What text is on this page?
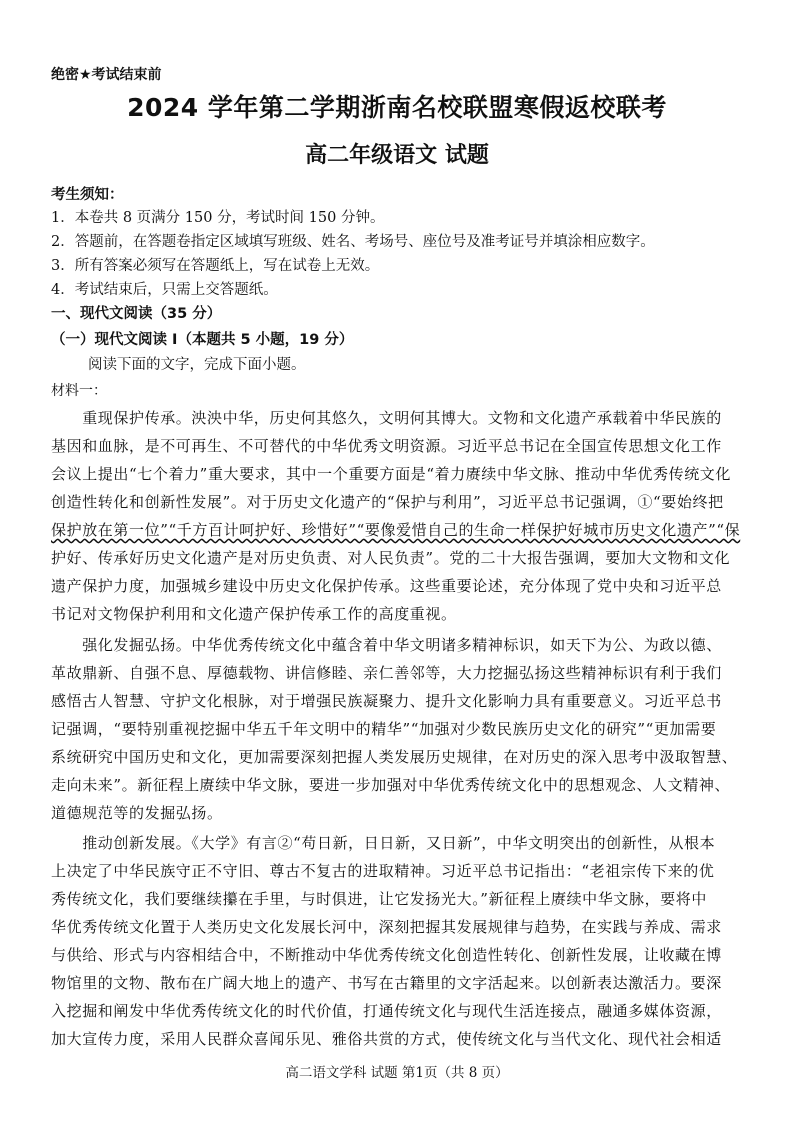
绝密★考试结束前
2024 学年第二学期浙南名校联盟寒假返校联考
高二年级语文 试题
考生须知：
1．本卷共 8 页满分 150 分，考试时间 150 分钟。
2．答题前，在答题卷指定区域填写班级、姓名、考场号、座位号及准考证号并填涂相应数字。
3．所有答案必须写在答题纸上，写在试卷上无效。
4．考试结束后，只需上交答题纸。
一、现代文阅读（35 分）
（一）现代文阅读 I（本题共 5 小题，19 分）
阅读下面的文字，完成下面小题。
材料一：
　　重现保护传承。泱泱中华，历史何其悠久，文明何其博大。文物和文化遗产承载着中华民族的
基因和血脉，是不可再生、不可替代的中华优秀文明资源。习近平总书记在全国宣传思想文化工作
会议上提出“七个着力”重大要求，其中一个重要方面是“着力赓续中华文脉、推动中华优秀传统文化
创造性转化和创新性发展”。对于历史文化遗产的“保护与利用”，习近平总书记强调，①“要始终把
保护放在第一位”“千方百计呵护好、珍惜好”“要像爱惜自己的生命一样保护好城市历史文化遗产”“保
护好、传承好历史文化遗产是对历史负责、对人民负责”。党的二十大报告强调，要加大文物和文化
遗产保护力度，加强城乡建设中历史文化保护传承。这些重要论述，充分体现了党中央和习近平总
书记对文物保护利用和文化遗产保护传承工作的高度重视。
　　强化发掘弘扬。中华优秀传统文化中蕴含着中华文明诸多精神标识，如天下为公、为政以德、
革故鼎新、自强不息、厚德载物、讲信修睦、亲仁善邻等，大力挖掘弘扬这些精神标识有利于我们
感悟古人智慧、守护文化根脉，对于增强民族凝聚力、提升文化影响力具有重要意义。习近平总书
记强调，“要特别重视挖掘中华五千年文明中的精华”“加强对少数民族历史文化的研究”“更加需要
系统研究中国历史和文化，更加需要深刻把握人类发展历史规律，在对历史的深入思考中汲取智慧、
走向未来”。新征程上赓续中华文脉，要进一步加强对中华优秀传统文化中的思想观念、人文精神、
道德规范等的发掘弘扬。
　　推动创新发展。《大学》有言②“苟日新，日日新，又日新”，中华文明突出的创新性，从根本
上决定了中华民族守正不守旧、尊古不复古的进取精神。习近平总书记指出：“老祖宗传下来的优
秀传统文化，我们要继续攥在手里，与时俱进，让它发扬光大。”新征程上赓续中华文脉，要将中
华优秀传统文化置于人类历史文化发展长河中，深刻把握其发展规律与趋势，在实践与养成、需求
与供给、形式与内容相结合中，不断推动中华优秀传统文化创造性转化、创新性发展，让收藏在博
物馆里的文物、散布在广阔大地上的遗产、书写在古籍里的文字活起来。以创新表达激活力。要深
入挖掘和阐发中华优秀传统文化的时代价值，打通传统文化与现代生活连接点，融通多媒体资源，
加大宣传力度，采用人民群众喜闻乐见、雅俗共赏的方式，使传统文化与当代文化、现代社会相适
高二语文学科 试题 第1页（共 8 页）
